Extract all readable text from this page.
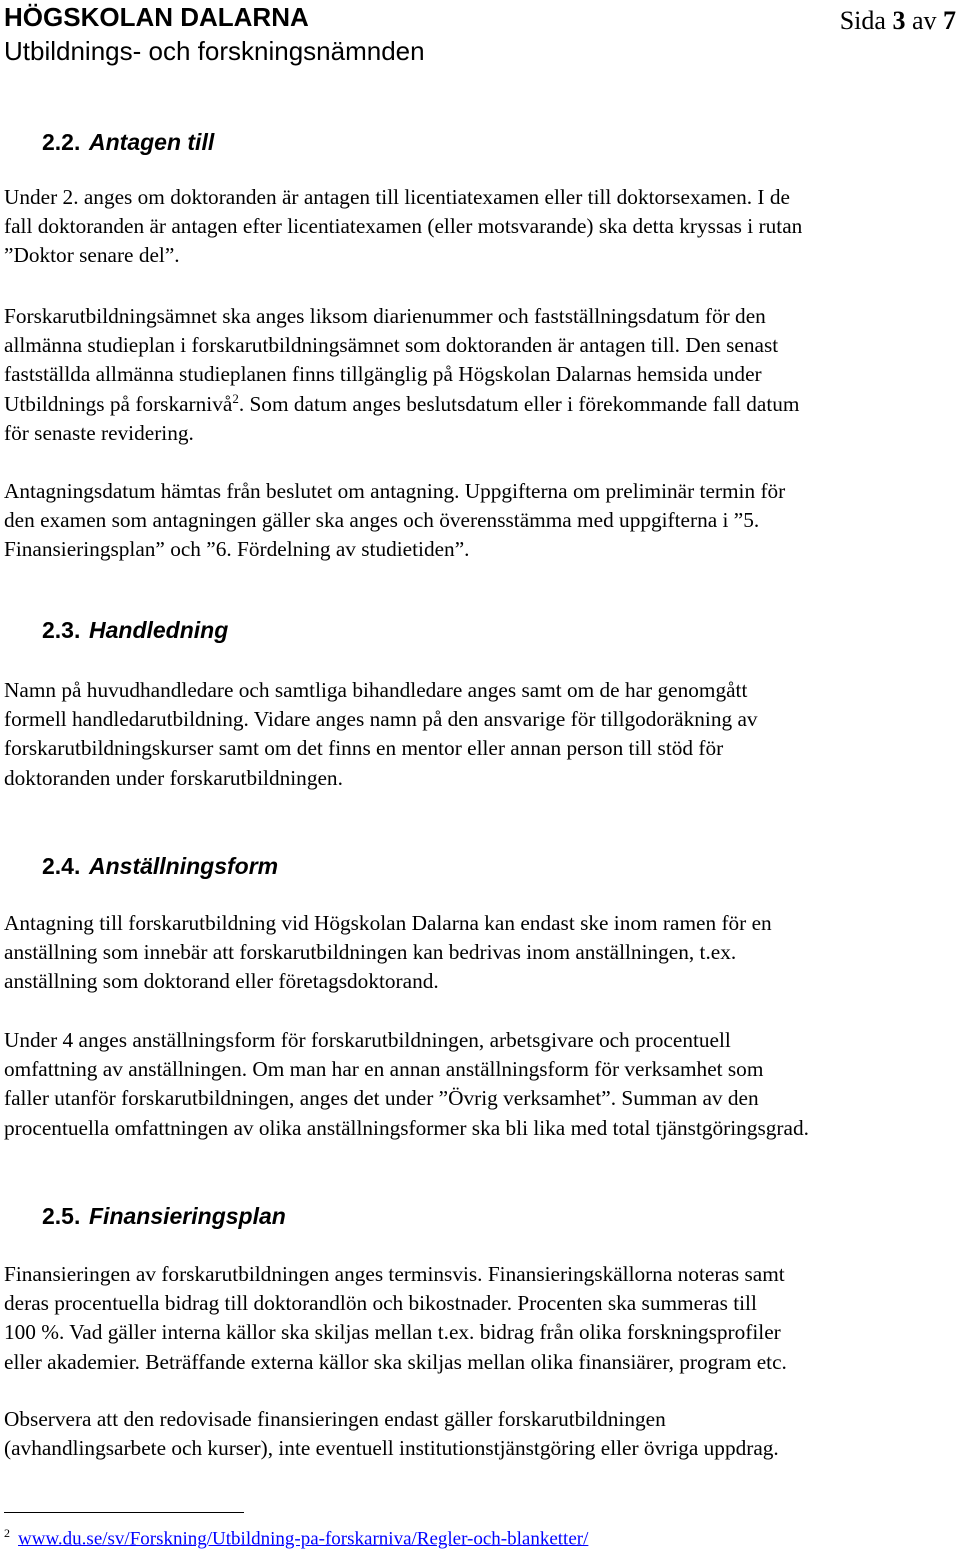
HÖGSKOLAN DALARNA
Utbildnings- och forskningsnämnden
Sida 3 av 7
2.2. Antagen till
Under 2. anges om doktoranden är antagen till licentiatexamen eller till doktorsexamen. I de
fall doktoranden är antagen efter licentiatexamen (eller motsvarande) ska detta kryssas i rutan
”Doktor senare del”.
Forskarutbildningsämnet ska anges liksom diarienummer och fastställningsdatum för den
allmänna studieplan i forskarutbildningsämnet som doktoranden är antagen till. Den senast
fastställda allmänna studieplanen finns tillgänglig på Högskolan Dalarnas hemsida under
Utbildnings på forskarnivå$^2$. Som datum anges beslutsdatum eller i förekommande fall datum
för senaste revidering.
Antagningsdatum hämtas från beslutet om antagning. Uppgifterna om preliminär termin för
den examen som antagningen gäller ska anges och överensstämma med uppgifterna i ”5.
Finansieringsplan” och ”6. Fördelning av studietiden”.
2.3. Handledning
Namn på huvudhandledare och samtliga bihandledare anges samt om de har genomgått
formell handledarutbildning. Vidare anges namn på den ansvarige för tillgodoräkning av
forskarutbildningskurser samt om det finns en mentor eller annan person till stöd för
doktoranden under forskarutbildningen.
2.4. Anställningsform
Antagning till forskarutbildning vid Högskolan Dalarna kan endast ske inom ramen för en
anställning som innebär att forskarutbildningen kan bedrivas inom anställningen, t.ex.
anställning som doktorand eller företagsdoktorand.
Under 4 anges anställningsform för forskarutbildningen, arbetsgivare och procentuell
omfattning av anställningen. Om man har en annan anställningsform för verksamhet som
faller utanför forskarutbildningen, anges det under ”Övrig verksamhet”. Summan av den
procentuella omfattningen av olika anställningsformer ska bli lika med total tjänstgöringsgrad.
2.5. Finansieringsplan
Finansieringen av forskarutbildningen anges terminsvis. Finansieringskällorna noteras samt
deras procentuella bidrag till doktorandlön och bikostnader. Procenten ska summeras till
100 %. Vad gäller interna källor ska skiljas mellan t.ex. bidrag från olika forskningsprofiler
eller akademier. Beträffande externa källor ska skiljas mellan olika finansiärer, program etc.
Observera att den redovisade finansieringen endast gäller forskarutbildningen
(avhandlingsarbete och kurser), inte eventuell institutionstjänstgöring eller övriga uppdrag.
$^2$ www.du.se/sv/Forskning/Utbildning-pa-forskarniva/Regler-och-blanketter/
